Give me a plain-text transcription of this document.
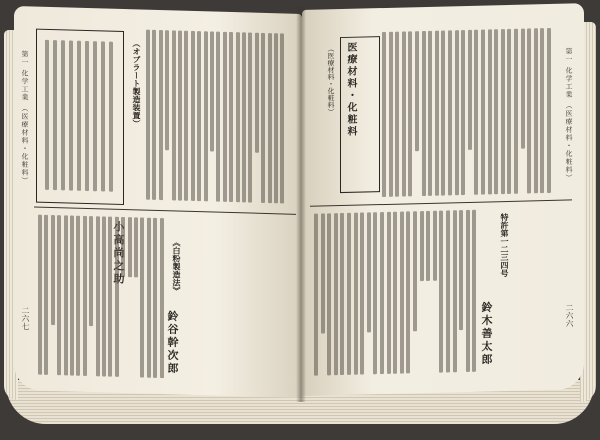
第一 化学工業 （医療材料・化粧料）
二六七
（オブラート製造装置）
《白粉製造法》
鈴谷幹次郎
第一 化学工業 （医療材料・化粧料）
二六六
医療材料・化粧料
（医療材料・化粧料）
特許第一二三四号
鈴木善太郎
